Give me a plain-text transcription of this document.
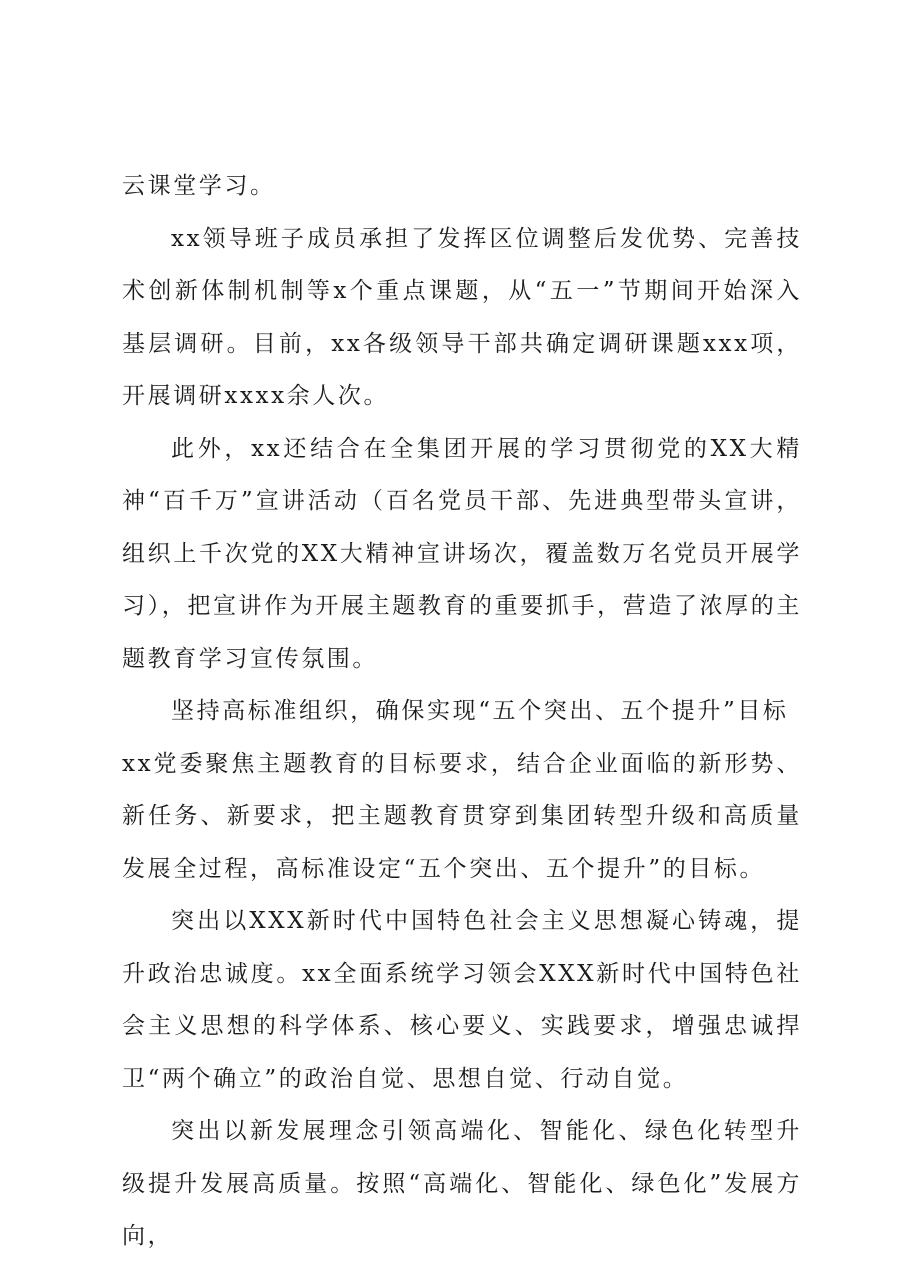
云课堂学习。

xx领导班子成员承担了发挥区位调整后发优势、完善技术创新体制机制等x个重点课题，从“五一”节期间开始深入基层调研。目前，xx各级领导干部共确定调研课题xxx项，开展调研xxxx余人次。

此外，xx还结合在全集团开展的学习贯彻党的XX大精神“百千万”宣讲活动（百名党员干部、先进典型带头宣讲，组织上千次党的XX大精神宣讲场次，覆盖数万名党员开展学习），把宣讲作为开展主题教育的重要抓手，营造了浓厚的主题教育学习宣传氛围。

坚持高标准组织，确保实现“五个突出、五个提升”目标

xx党委聚焦主题教育的目标要求，结合企业面临的新形势、新任务、新要求，把主题教育贯穿到集团转型升级和高质量发展全过程，高标准设定“五个突出、五个提升”的目标。

突出以XXX新时代中国特色社会主义思想凝心铸魂，提升政治忠诚度。xx全面系统学习领会XXX新时代中国特色社会主义思想的科学体系、核心要义、实践要求，增强忠诚捍卫“两个确立”的政治自觉、思想自觉、行动自觉。

突出以新发展理念引领高端化、智能化、绿色化转型升级提升发展高质量。按照“高端化、智能化、绿色化”发展方向，
